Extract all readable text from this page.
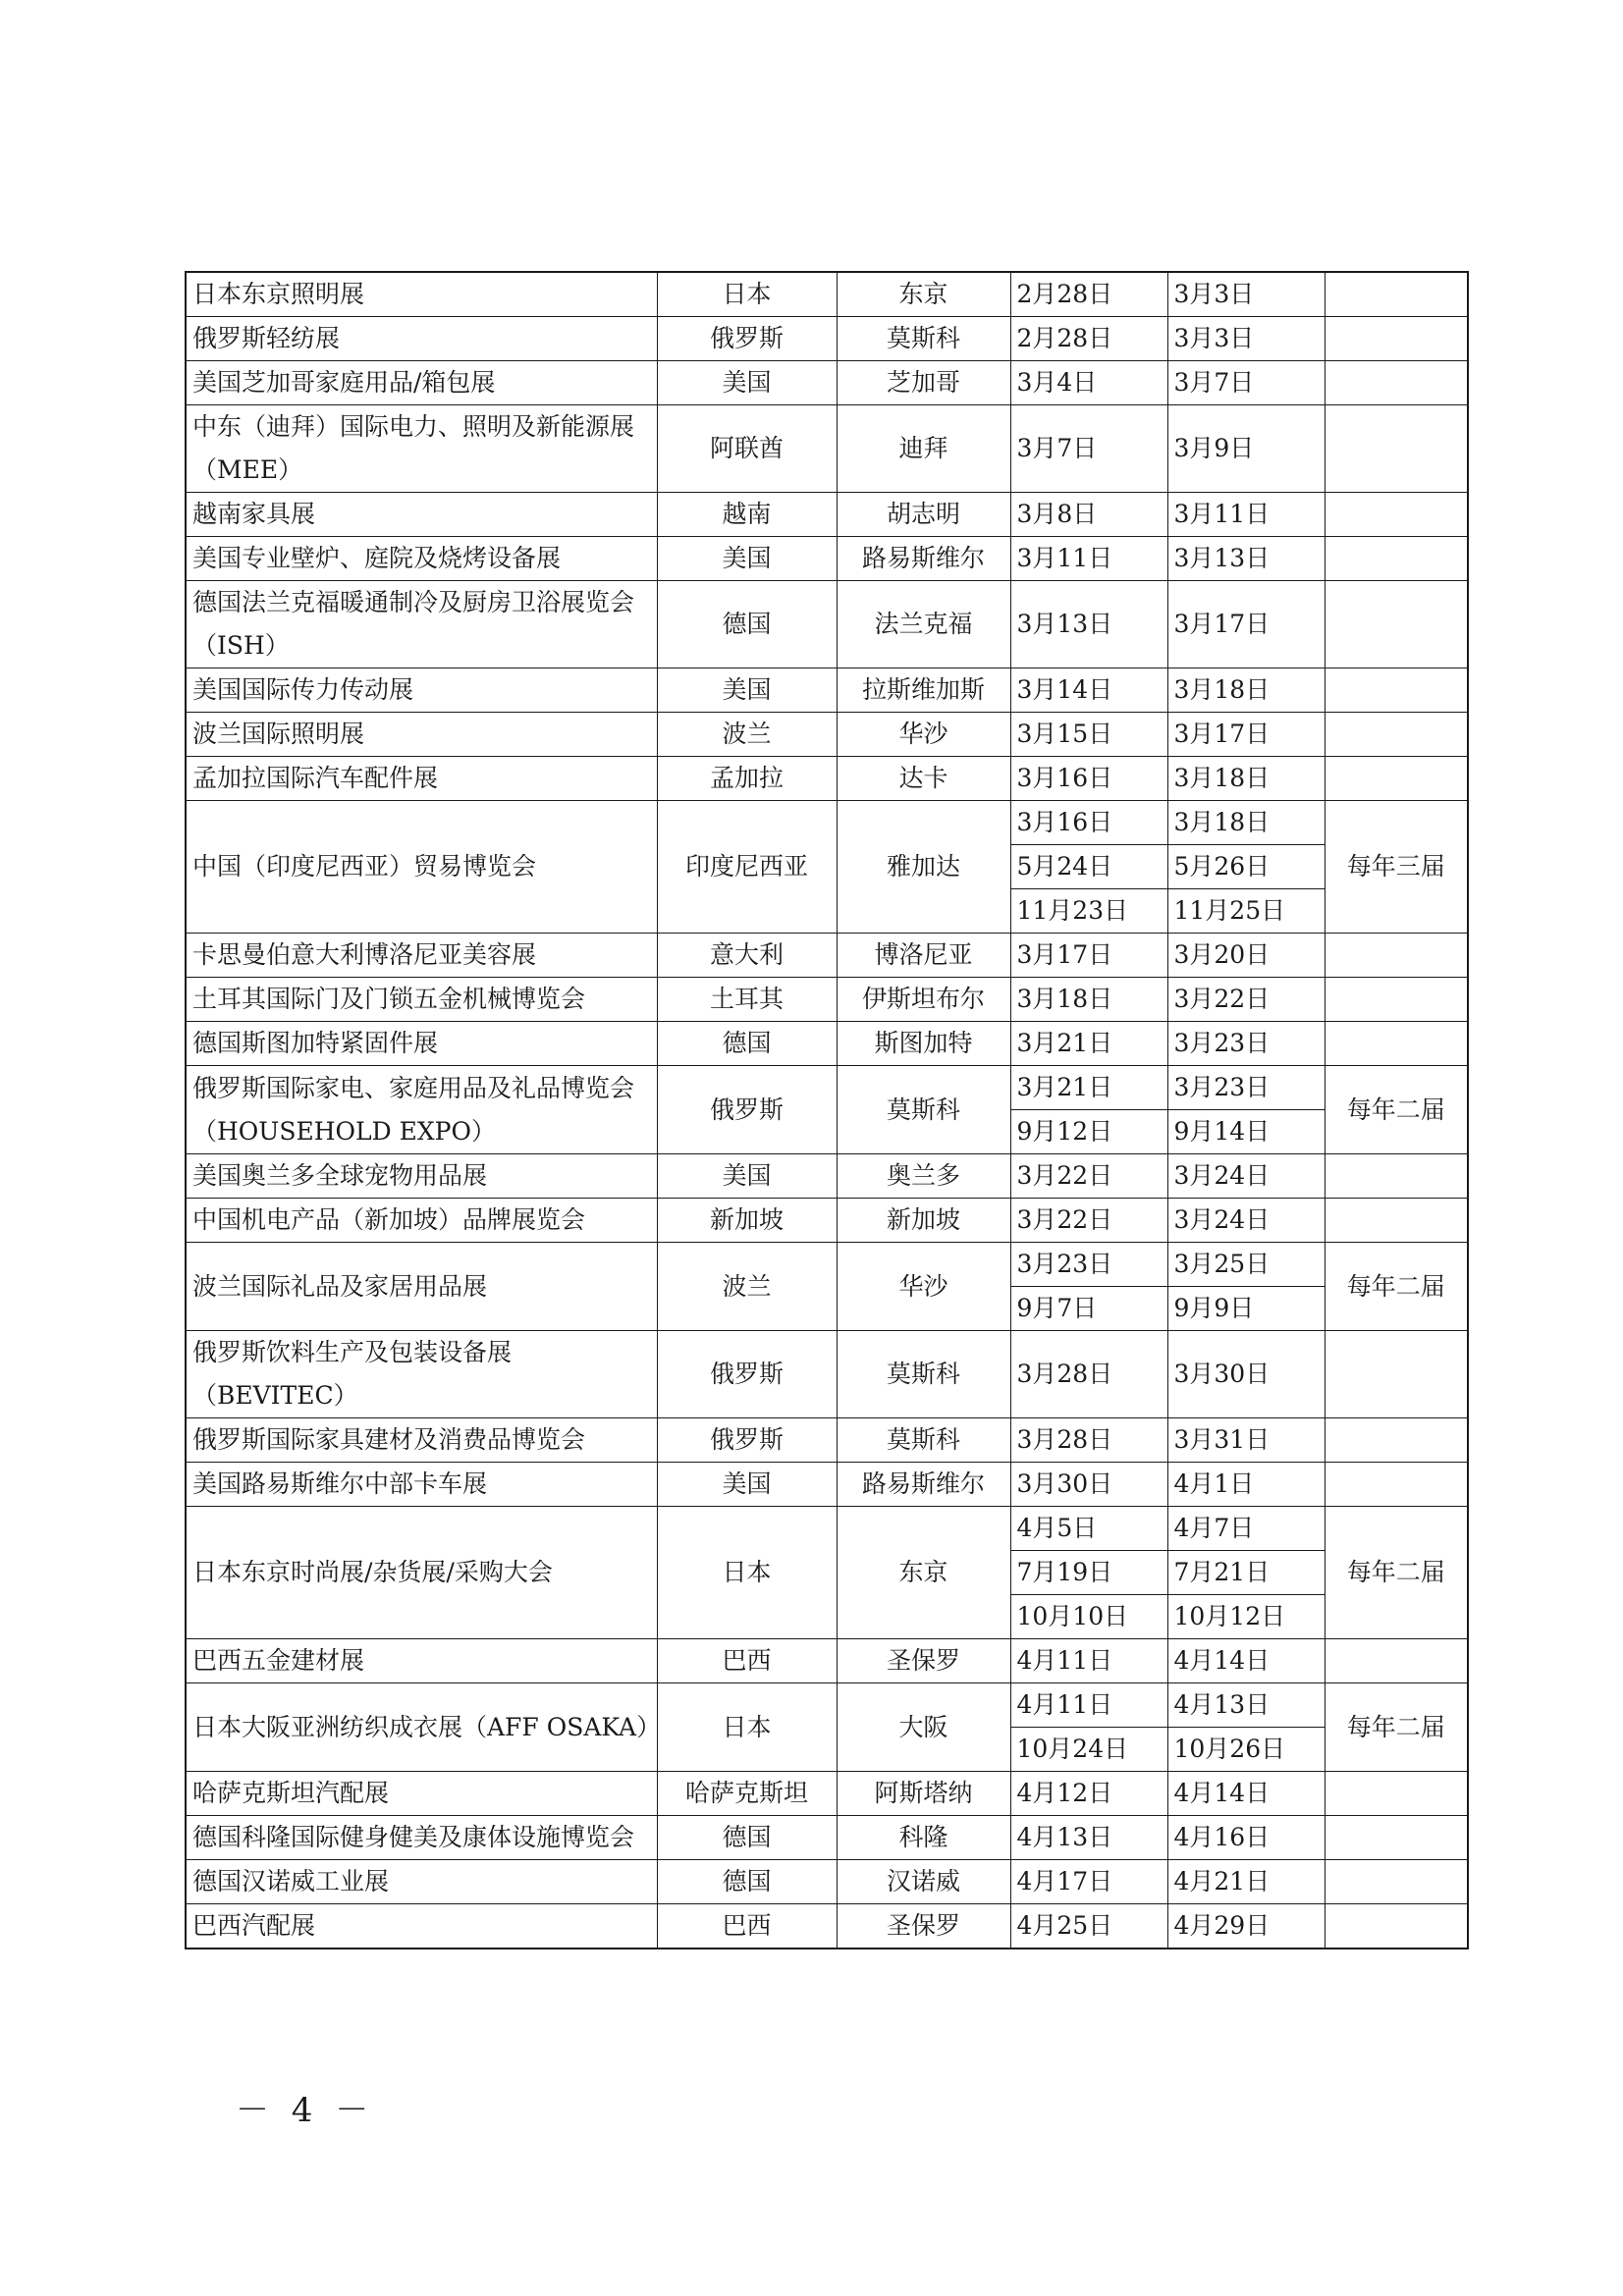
日本东京照明展	日本	东京	2月28日	3月3日	
俄罗斯轻纺展	俄罗斯	莫斯科	2月28日	3月3日	
美国芝加哥家庭用品/箱包展	美国	芝加哥	3月4日	3月7日	
中东（迪拜）国际电力、照明及新能源展（MEE）	阿联酋	迪拜	3月7日	3月9日	
越南家具展	越南	胡志明	3月8日	3月11日	
美国专业壁炉、庭院及烧烤设备展	美国	路易斯维尔	3月11日	3月13日	
德国法兰克福暖通制冷及厨房卫浴展览会（ISH）	德国	法兰克福	3月13日	3月17日	
美国国际传力传动展	美国	拉斯维加斯	3月14日	3月18日	
波兰国际照明展	波兰	华沙	3月15日	3月17日	
孟加拉国际汽车配件展	孟加拉	达卡	3月16日	3月18日	
中国（印度尼西亚）贸易博览会	印度尼西亚	雅加达	3月16日	3月18日	每年三届
			5月24日	5月26日	
			11月23日	11月25日	
卡思曼伯意大利博洛尼亚美容展	意大利	博洛尼亚	3月17日	3月20日	
土耳其国际门及门锁五金机械博览会	土耳其	伊斯坦布尔	3月18日	3月22日	
德国斯图加特紧固件展	德国	斯图加特	3月21日	3月23日	
俄罗斯国际家电、家庭用品及礼品博览会（HOUSEHOLD EXPO）	俄罗斯	莫斯科	3月21日	3月23日	每年二届
			9月12日	9月14日	
美国奥兰多全球宠物用品展	美国	奥兰多	3月22日	3月24日	
中国机电产品（新加坡）品牌展览会	新加坡	新加坡	3月22日	3月24日	
波兰国际礼品及家居用品展	波兰	华沙	3月23日	3月25日	每年二届
			9月7日	9月9日	
俄罗斯饮料生产及包装设备展（BEVITEC）	俄罗斯	莫斯科	3月28日	3月30日	
俄罗斯国际家具建材及消费品博览会	俄罗斯	莫斯科	3月28日	3月31日	
美国路易斯维尔中部卡车展	美国	路易斯维尔	3月30日	4月1日	
日本东京时尚展/杂货展/采购大会	日本	东京	4月5日	4月7日	每年二届
			7月19日	7月21日	
			10月10日	10月12日	
巴西五金建材展	巴西	圣保罗	4月11日	4月14日	
日本大阪亚洲纺织成衣展（AFF OSAKA）	日本	大阪	4月11日	4月13日	每年二届
			10月24日	10月26日	
哈萨克斯坦汽配展	哈萨克斯坦	阿斯塔纳	4月12日	4月14日	
德国科隆国际健身健美及康体设施博览会	德国	科隆	4月13日	4月16日	
德国汉诺威工业展	德国	汉诺威	4月17日	4月21日	
巴西汽配展	巴西	圣保罗	4月25日	4月29日	
－ 4 －
